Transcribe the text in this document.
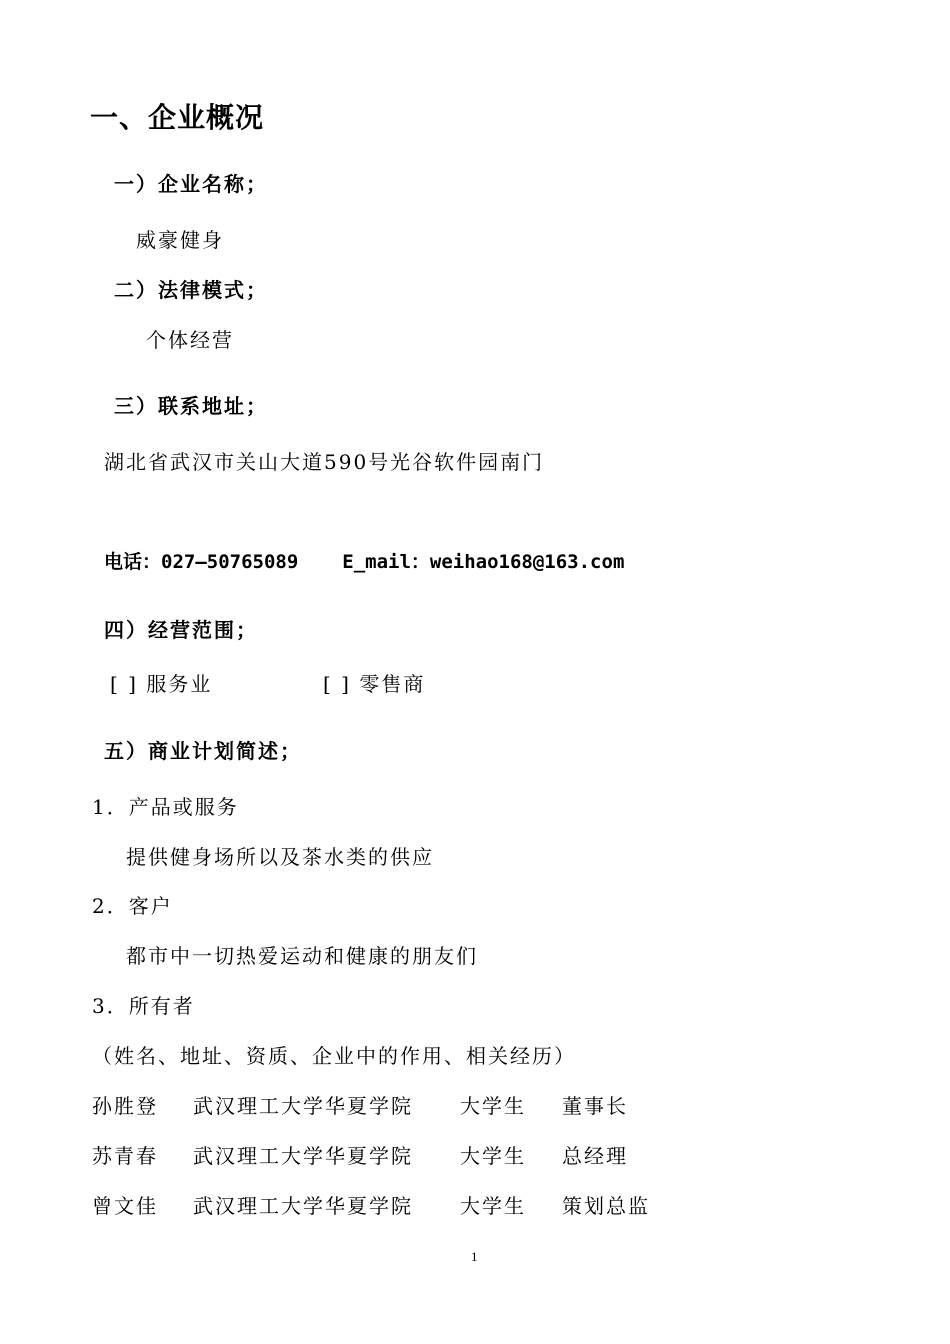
一、企业概况
一）企业名称；
威豪健身
二）法律模式；
个体经营
三）联系地址；
湖北省武汉市关山大道590号光谷软件园南门
电话：027—50765089 E_mail：weihao168@163.com
四）经营范围；
[ ] 服务业	[ ] 零售商
五）商业计划简述；
1．产品或服务
提供健身场所以及茶水类的供应
2．客户
都市中一切热爱运动和健康的朋友们
3．所有者
（姓名、地址、资质、企业中的作用、相关经历）
孙胜登 武汉理工大学华夏学院 大学生 董事长
苏青春 武汉理工大学华夏学院 大学生 总经理
曾文佳 武汉理工大学华夏学院 大学生 策划总监
1
